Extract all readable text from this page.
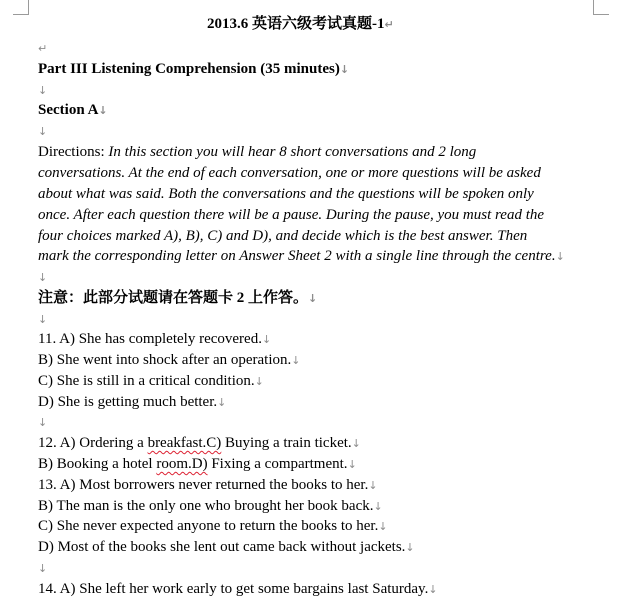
2013.6 英语六级考试真题-1↵
↵
Part III Listening Comprehension (35 minutes)↓
↓
Section A↓
↓
Directions: In this section you will hear 8 short conversations and 2 long
conversations. At the end of each conversation, one or more questions will be asked
about what was said. Both the conversations and the questions will be spoken only
once. After each question there will be a pause. During the pause, you must read the
four choices marked A), B), C) and D), and decide which is the best answer. Then
mark the corresponding letter on Answer Sheet 2 with a single line through the centre.↓
↓
注意：此部分试题请在答题卡 2 上作答。↓
↓
11. A) She has completely recovered.↓
B) She went into shock after an operation.↓
C) She is still in a critical condition.↓
D) She is getting much better.↓
↓
12. A) Ordering a breakfast.C) Buying a train ticket.↓
B) Booking a hotel room.D) Fixing a compartment.↓
13. A) Most borrowers never returned the books to her.↓
B) The man is the only one who brought her book back.↓
C) She never expected anyone to return the books to her.↓
D) Most of the books she lent out came back without jackets.↓
↓
14. A) She left her work early to get some bargains last Saturday.↓
